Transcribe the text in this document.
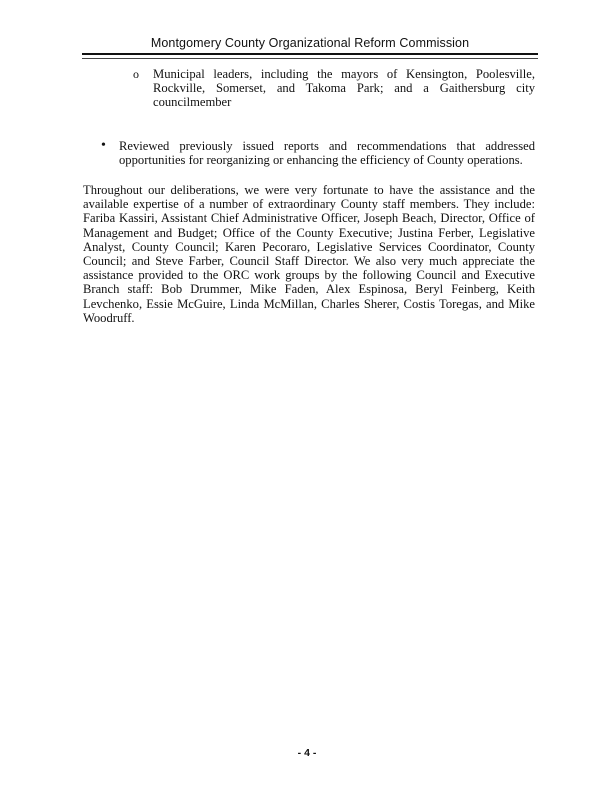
Montgomery County Organizational Reform Commission
o	Municipal leaders, including the mayors of Kensington, Poolesville, Rockville, Somerset, and Takoma Park; and a Gaithersburg city councilmember
•	Reviewed previously issued reports and recommendations that addressed opportunities for reorganizing or enhancing the efficiency of County operations.
Throughout our deliberations, we were very fortunate to have the assistance and the available expertise of a number of extraordinary County staff members. They include: Fariba Kassiri, Assistant Chief Administrative Officer, Joseph Beach, Director, Office of Management and Budget; Office of the County Executive; Justina Ferber, Legislative Analyst, County Council; Karen Pecoraro, Legislative Services Coordinator, County Council; and Steve Farber, Council Staff Director. We also very much appreciate the assistance provided to the ORC work groups by the following Council and Executive Branch staff: Bob Drummer, Mike Faden, Alex Espinosa, Beryl Feinberg, Keith Levchenko, Essie McGuire, Linda McMillan, Charles Sherer, Costis Toregas, and Mike Woodruff.
- 4 -
